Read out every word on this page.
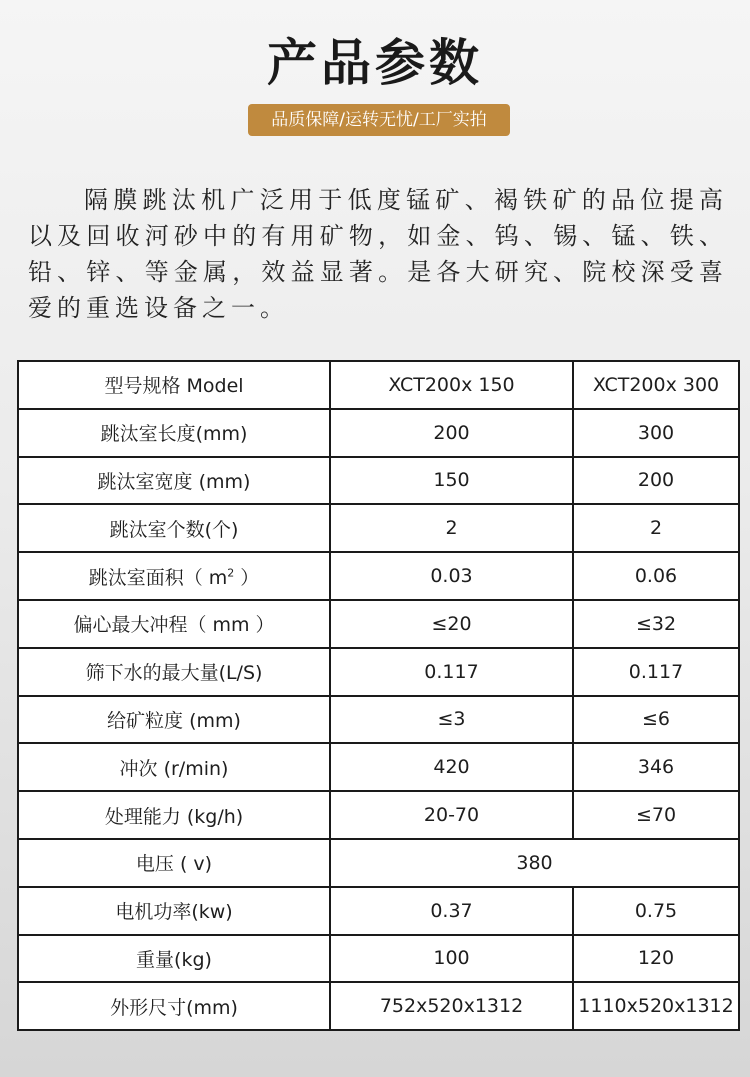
产品参数
品质保障/运转无忧/工厂实拍

隔膜跳汰机广泛用于低度锰矿、褐铁矿的品位提高以及回收河砂中的有用矿物，如金、钨、锡、锰、铁、铅、锌、等金属，效益显著。是各大研究、院校深受喜爱的重选设备之一。

型号规格 Model	XCT200x 150	XCT200x 300
跳汰室长度(mm)	200	300
跳汰室宽度 (mm)	150	200
跳汰室个数(个)	2	2
跳汰室面积（ $m^2$ ）	0.03	0.06
偏心最大冲程（ mm ）	≤20	≤32
筛下水的最大量(L/S)	0.117	0.117
给矿粒度 (mm)	≤3	≤6
冲次 (r/min)	420	346
处理能力 (kg/h)	20-70	≤70
电压 ( v)	380	
电机功率(kw)	0.37	0.75
重量(kg)	100	120
外形尺寸(mm)	752x520x1312	1110x520x1312
